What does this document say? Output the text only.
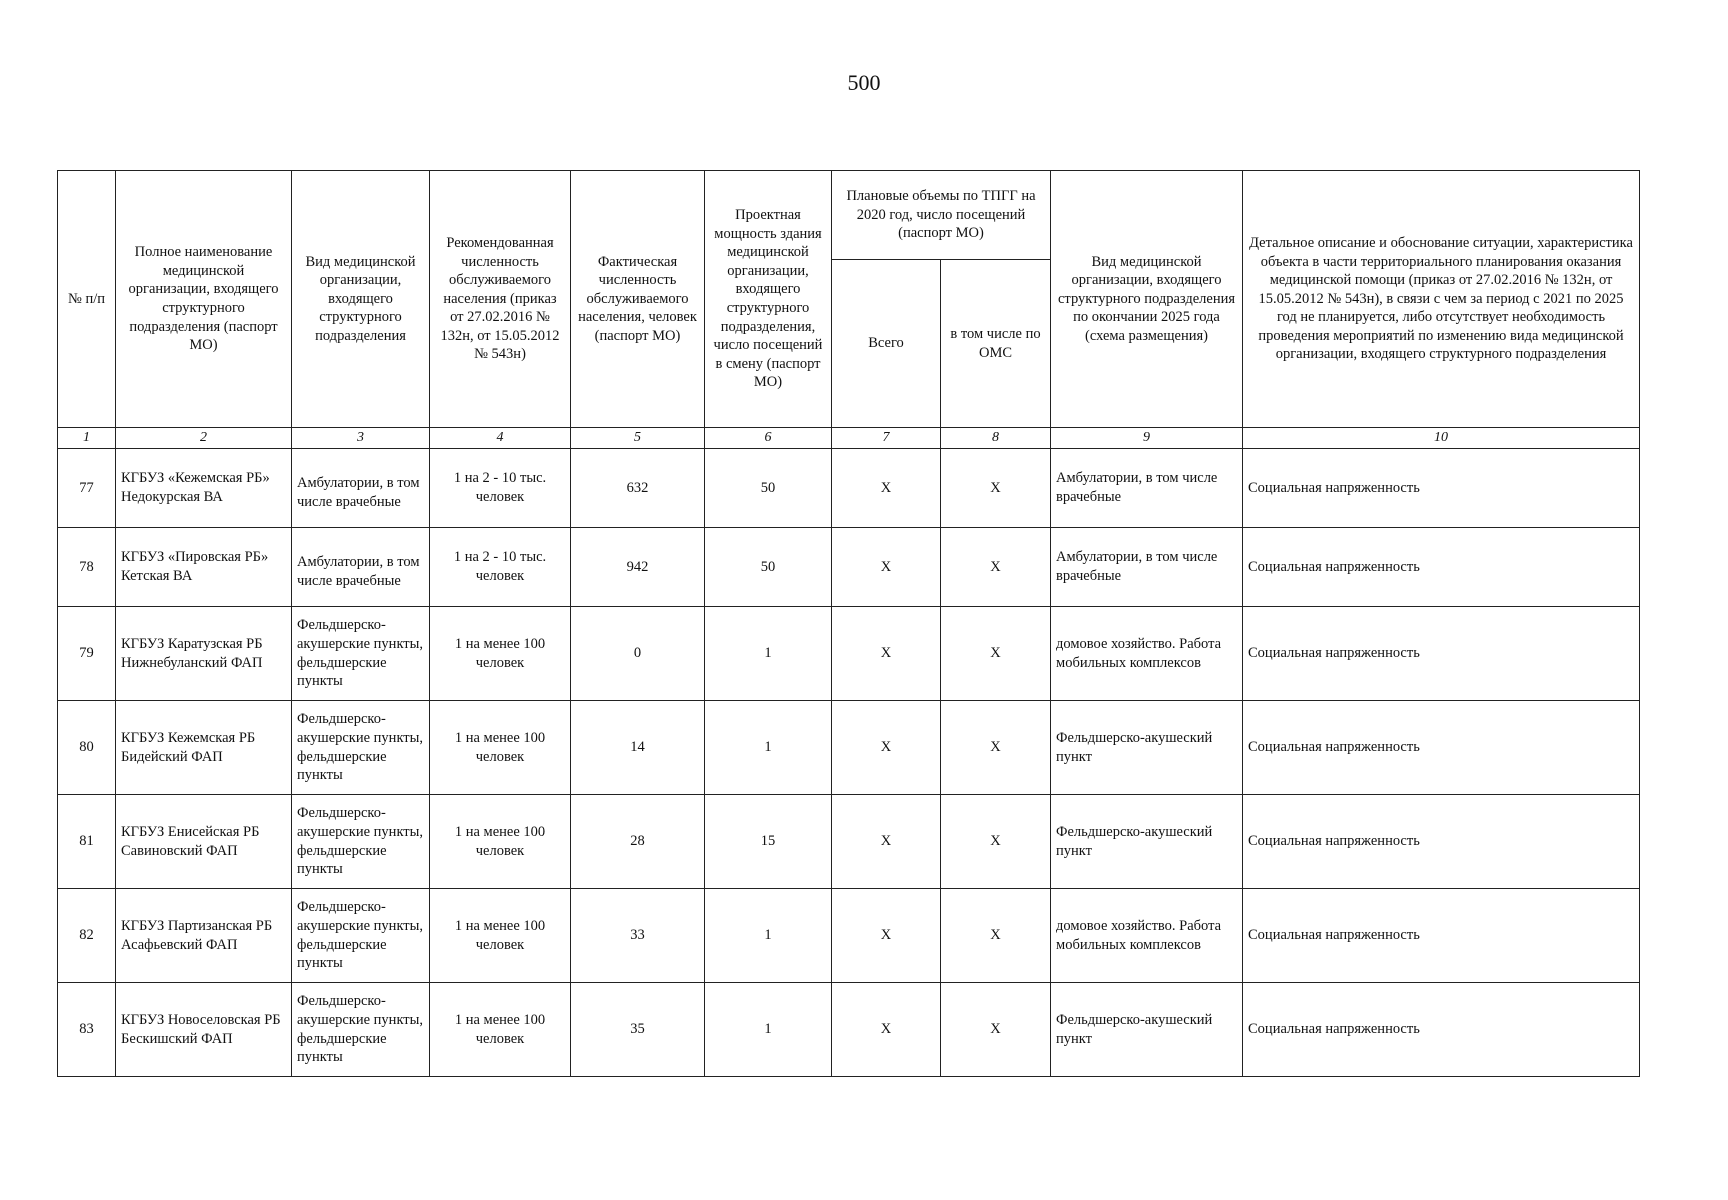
500
№ п/п	Полное наименование медицинской организации, входящего структурного подразделения (паспорт МО)	Вид медицинской организации, входящего структурного подразделения	Рекомендованная численность обслуживаемого населения (приказ от 27.02.2016 № 132н, от 15.05.2012 № 543н)	Фактическая численность обслуживаемого населения, человек (паспорт МО)	Проектная мощность здания медицинской организации, входящего структурного подразделения, число посещений в смену (паспорт МО)	Плановые объемы по ТПГГ на 2020 год, число посещений (паспорт МО)		Вид медицинской организации, входящего структурного подразделения по окончании 2025 года (схема размещения)	Детальное описание и обоснование ситуации, характеристика объекта в части территориального планирования оказания медицинской помощи (приказ от 27.02.2016 № 132н, от 15.05.2012 № 543н), в связи с чем за период с 2021 по 2025 год не планируется, либо отсутствует необходимость проведения мероприятий по изменению вида медицинской организации, входящего структурного подразделения
						Всего	в том числе по ОМС		
1	2	3	4	5	6	7	8	9	10
77	КГБУЗ «Кежемская РБ» Недокурская ВА	Амбулатории, в том числе врачебные	1 на 2 - 10 тыс. человек	632	50	X	X	Амбулатории, в том числе врачебные	Социальная напряженность
78	КГБУЗ «Пировская РБ» Кетская ВА	Амбулатории, в том числе врачебные	1 на 2 - 10 тыс. человек	942	50	X	X	Амбулатории, в том числе врачебные	Социальная напряженность
79	КГБУЗ Каратузская РБ Нижнебуланский ФАП	Фельдшерско-акушерские пункты, фельдшерские пункты	1 на менее 100 человек	0	1	X	X	домовое хозяйство. Работа мобильных комплексов	Социальная напряженность
80	КГБУЗ Кежемская РБ Бидейский ФАП	Фельдшерско-акушерские пункты, фельдшерские пункты	1 на менее 100 человек	14	1	X	X	Фельдшерско-акушеский пункт	Социальная напряженность
81	КГБУЗ Енисейская РБ Савиновский ФАП	Фельдшерско-акушерские пункты, фельдшерские пункты	1 на менее 100 человек	28	15	X	X	Фельдшерско-акушеский пункт	Социальная напряженность
82	КГБУЗ Партизанская РБ Асафьевский ФАП	Фельдшерско-акушерские пункты, фельдшерские пункты	1 на менее 100 человек	33	1	X	X	домовое хозяйство. Работа мобильных комплексов	Социальная напряженность
83	КГБУЗ Новоселовская РБ Бескишский ФАП	Фельдшерско-акушерские пункты, фельдшерские пункты	1 на менее 100 человек	35	1	X	X	Фельдшерско-акушеский пункт	Социальная напряженность
